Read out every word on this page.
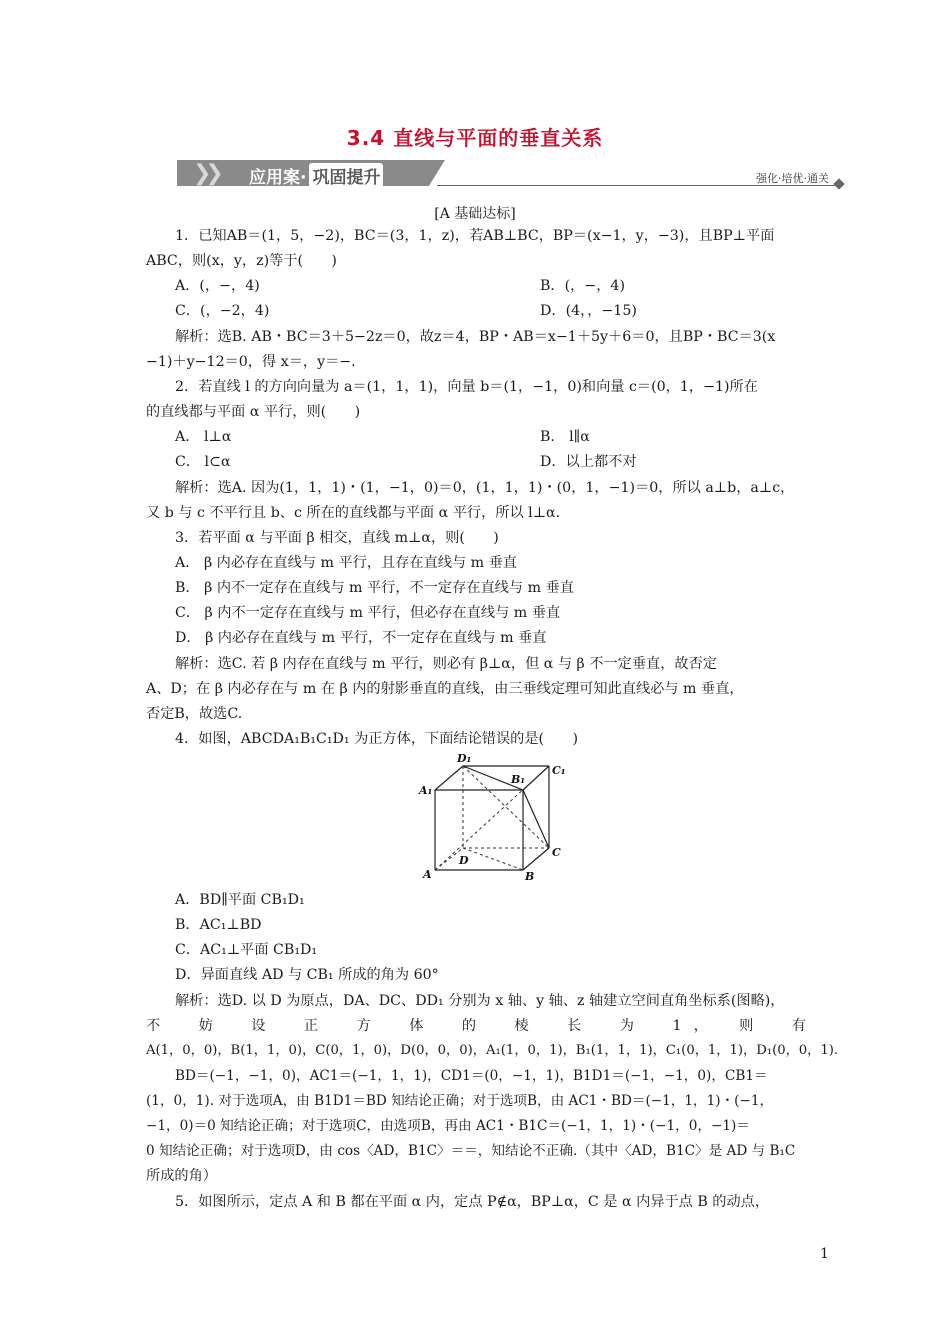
3.4 直线与平面的垂直关系
❯❯ 应用案· 巩固提升	强化·培优·通关
[A 基础达标]
1．已知AB＝(1，5，−2)，BC＝(3，1，z)，若AB⊥BC，BP＝(x−1，y，−3)，且BP⊥平面
ABC，则(x，y，z)等于(　　)
A．(，−，4)	B．(，−，4)
C．(，−2，4)	D．(4，，−15)
解析：选B. AB・BC＝3＋5−2z＝0，故z＝4，BP・AB＝x−1＋5y＋6＝0，且BP・BC＝3(x
−1)＋y−12＝0，得 x＝，y＝−.
2．若直线 l 的方向向量为 a＝(1，1，1)，向量 b＝(1，−1，0)和向量 c＝(0，1，−1)所在
的直线都与平面 α 平行，则(　　)
A． l⊥α	B． l∥α
C． l⊂α	D．以上都不对
解析：选A. 因为(1，1，1)・(1，−1，0)＝0，(1，1，1)・(0，1，−1)＝0，所以 a⊥b，a⊥c，
又 b 与 c 不平行且 b、c 所在的直线都与平面 α 平行，所以 l⊥α.
3．若平面 α 与平面 β 相交，直线 m⊥α，则(　　)
A． β 内必存在直线与 m 平行，且存在直线与 m 垂直
B． β 内不一定存在直线与 m 平行，不一定存在直线与 m 垂直
C． β 内不一定存在直线与 m 平行，但必存在直线与 m 垂直
D． β 内必存在直线与 m 平行，不一定存在直线与 m 垂直
解析：选C. 若 β 内存在直线与 m 平行，则必有 β⊥α，但 α 与 β 不一定垂直，故否定
A、D；在 β 内必存在与 m 在 β 内的射影垂直的直线，由三垂线定理可知此直线必与 m 垂直，
否定B，故选C.
4．如图，ABCDA₁B₁C₁D₁ 为正方体，下面结论错误的是(　　)
D₁
B₁
C₁
A₁
D
C
A	B
A．BD∥平面 CB₁D₁
B．AC₁⊥BD
C．AC₁⊥平面 CB₁D₁
D．异面直线 AD 与 CB₁ 所成的角为 60°
解析：选D. 以 D 为原点，DA、DC、DD₁ 分别为 x 轴、y 轴、z 轴建立空间直角坐标系(图略)，
不　妨　设　正　方　体　的　棱　长　为　1，　则　有
A(1，0，0)，B(1，1，0)，C(0，1，0)，D(0，0，0)，A₁(1，0，1)，B₁(1，1，1)，C₁(0，1，1)，D₁(0，0，1).
BD＝(−1，−1，0)，AC1＝(−1，1，1)，CD1＝(0，−1，1)，B1D1＝(−1，−1，0)，CB1＝
(1，0，1). 对于选项A，由 B1D1＝BD 知结论正确；对于选项B，由 AC1・BD＝(−1，1，1)・(−1，
−1，0)＝0 知结论正确；对于选项C，由选项B，再由 AC1・B1C＝(−1，1，1)・(−1，0，−1)＝
0 知结论正确；对于选项D，由 cos〈AD，B1C〉＝＝，知结论不正确.（其中〈AD，B1C〉是 AD 与 B₁C
所成的角）
5．如图所示，定点 A 和 B 都在平面 α 内，定点 P∉α，BP⊥α，C 是 α 内异于点 B 的动点，
1
